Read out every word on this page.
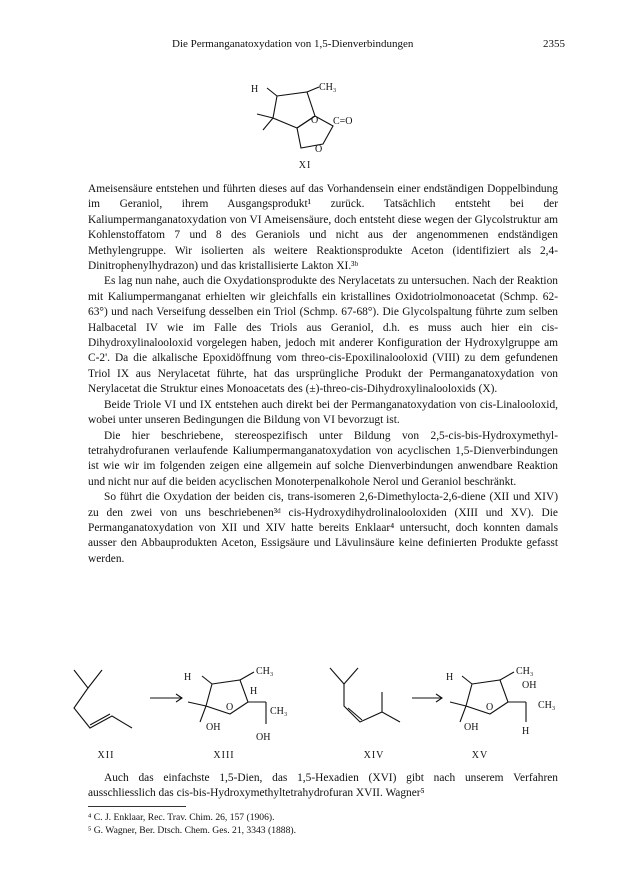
Die Permanganatoxydation von 1,5-Dienverbindungen	2355
H	CH₃
O C=O
O
XI

Ameisensäure entstehen und führten dieses auf das Vorhandensein einer endständigen Doppelbindung im Geraniol, ihrem Ausgangsprodukt¹ zurück. Tatsächlich entsteht bei der Kaliumpermanganatoxydation von VI Ameisensäure, doch entsteht diese wegen der Glycolstruktur am Kohlenstoffatom 7 und 8 des Geraniols und nicht aus der angenommenen endständigen Methylengruppe. Wir isolierten als weitere Reaktionsprodukte Aceton (identifiziert als 2,4-Dinitrophenylhydrazon) und das kristallisierte Lakton XI.³ᵇ

Es lag nun nahe, auch die Oxydationsprodukte des Nerylacetats zu untersuchen. Nach der Reaktion mit Kaliumpermanganat erhielten wir gleichfalls ein kristallines Oxidotriolmonoacetat (Schmp. 62-63°) und nach Verseifung desselben ein Triol (Schmp. 67-68°). Die Glycolspaltung führte zum selben Halbacetal IV wie im Falle des Triols aus Geraniol, d.h. es muss auch hier ein cis-Dihydroxylinalooloxid vorgelegen haben, jedoch mit anderer Konfiguration der Hydroxylgruppe am C-2'. Da die alkalische Epoxidöffnung vom threo-cis-Epoxilinalooloxid (VIII) zu dem gefundenen Triol IX aus Nerylacetat führte, hat das ursprüngliche Produkt der Permanganatoxydation von Nerylacetat die Struktur eines Monoacetats des (±)-threo-cis-Dihydroxylinalooloxids (X).

Beide Triole VI und IX entstehen auch direkt bei der Permanganatoxydation von cis-Linalooloxid, wobei unter unseren Bedingungen die Bildung von VI bevorzugt ist.

Die hier beschriebene, stereospezifisch unter Bildung von 2,5-cis-bis-Hydroxymethyl-tetrahydrofuranen verlaufende Kaliumpermanganatoxydation von acyclischen 1,5-Dienverbindungen ist wie wir im folgenden zeigen eine allgemein auf solche Dienverbindungen anwendbare Reaktion und nicht nur auf die beiden acyclischen Monoterpenalkohole Nerol und Geraniol beschränkt.

So führt die Oxydation der beiden cis, trans-isomeren 2,6-Dimethylocta-2,6-diene (XII und XIV) zu den zwei von uns beschriebenen³ᵈ cis-Hydroxydihydrolinalooloxiden (XIII und XV). Die Permanganatoxydation von XII und XIV hatte bereits Enklaar⁴ untersucht, doch konnten damals ausser den Abbauprodukten Aceton, Essigsäure und Lävulinsäure keine definierten Produkte gefasst werden.

H
CH₃
H
O	CH₃
OH
OH
H
CH₃
OH
O	CH₃
OH	H
XII	XIII	XIV	XV

Auch das einfachste 1,5-Dien, das 1,5-Hexadien (XVI) gibt nach unserem Verfahren ausschliesslich das cis-bis-Hydroxymethyltetrahydrofuran XVII. Wagner⁵

⁴ C. J. Enklaar, Rec. Trav. Chim. 26, 157 (1906).

⁵ G. Wagner, Ber. Dtsch. Chem. Ges. 21, 3343 (1888).
